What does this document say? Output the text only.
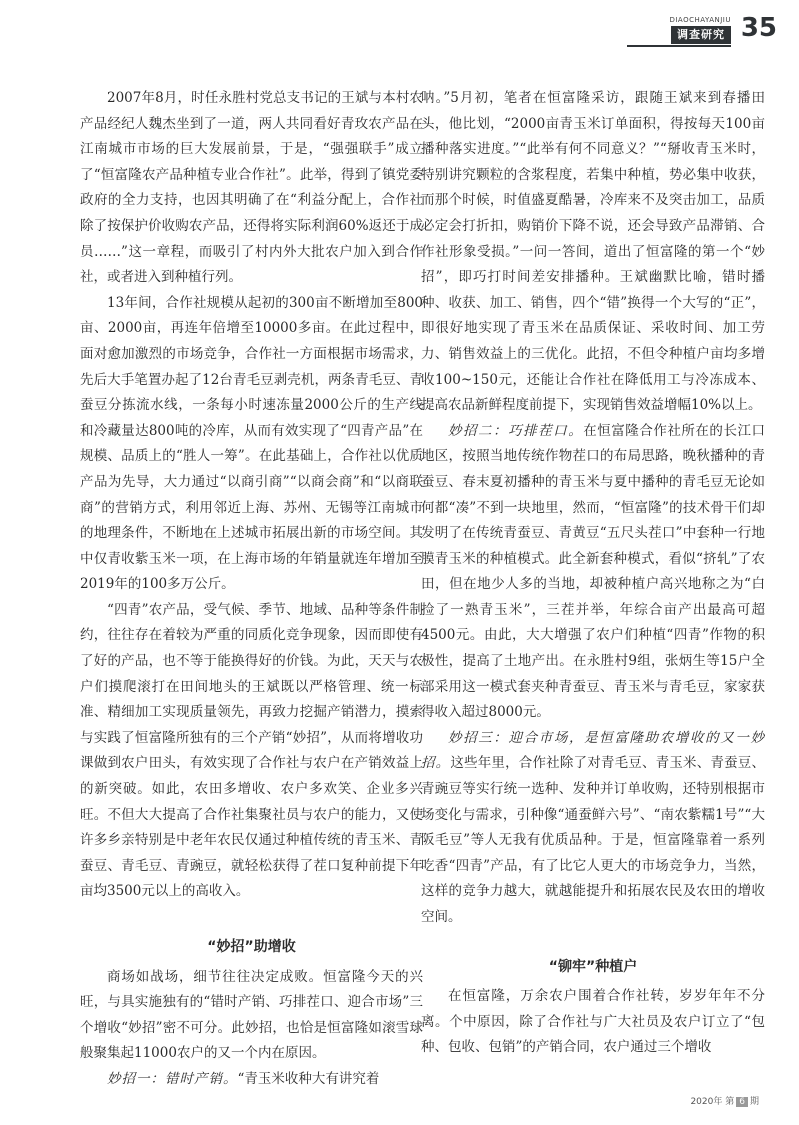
DIAOCHAYANJIU
调查研究 35

2007年8月，时任永胜村党总支书记的王斌与本村农产品经纪人魏杰坐到了一道，两人共同看好青玫农产品在江南城市市场的巨大发展前景，于是，“强强联手”成立了“恒富隆农产品种植专业合作社”。此举，得到了镇党委政府的全力支持，也因其明确了在“利益分配上，合作社除了按保护价收购农产品，还得将实际利润60%返还于成员……”这一章程，而吸引了村内外大批农户加入到合作社，或者进入到种植行列。

13年间，合作社规模从起初的300亩不断增加至800亩、2000亩，再连年倍增至10000多亩。在此过程中，面对愈加激烈的市场竞争，合作社一方面根据市场需求，先后大手笔置办起了12台青毛豆剥壳机，两条青毛豆、青蚕豆分拣流水线，一条每小时速冻量2000公斤的生产线和冷藏量达800吨的冷库，从而有效实现了“四青产品”在规模、品质上的“胜人一筹”。在此基础上，合作社以优质产品为先导，大力通过“以商引商”“以商会商”和“以商联商”的营销方式，利用邻近上海、苏州、无锡等江南城市的地理条件，不断地在上述城市拓展出新的市场空间。其中仅青收紫玉米一项，在上海市场的年销量就连年增加至2019年的100多万公斤。

“四青”农产品，受气候、季节、地域、品种等条件制约，往往存在着较为严重的同质化竞争现象，因而即使有了好的产品，也不等于能换得好的价钱。为此，天天与农户们摸爬滚打在田间地头的王斌既以严格管理、统一标准、精细加工实现质量领先，再致力挖掘产销潜力，摸索与实践了恒富隆所独有的三个产销“妙招”，从而将增收功课做到农户田头，有效实现了合作社与农户在产销效益上的新突破。如此，农田多增收、农户多欢笑、企业多兴旺。不但大大提高了合作社集聚社员与农户的能力，又使许多乡亲特别是中老年农民仅通过种植传统的青玉米、青蚕豆、青毛豆、青豌豆，就轻松获得了茬口复种前提下年亩均3500元以上的高收入。

“妙招”助增收

商场如战场，细节往往决定成败。恒富隆今天的兴旺，与具实施独有的“错时产销、巧排茬口、迎合市场”三个增收“妙招”密不可分。此妙招，也恰是恒富隆如滚雪球般聚集起11000农户的又一个内在原因。

妙招一：错时产销。“青玉米收种大有讲究着

呐。”5月初，笔者在恒富隆采访，跟随王斌来到春播田头，他比划，“2000亩青玉米订单面积，得按每天100亩播种落实进度。”“此举有何不同意义？”“掰收青玉米时，特别讲究颗粒的含浆程度，若集中种植，势必集中收获，而那个时候，时值盛夏酷暑，冷库来不及突击加工，品质必定会打折扣，购销价下降不说，还会导致产品滞销、合作社形象受损。”一问一答间，道出了恒富隆的第一个“妙招”，即巧打时间差安排播种。王斌幽默比喻，错时播种、收获、加工、销售，四个“错”换得一个大写的“正”，即很好地实现了青玉米在品质保证、采收时间、加工劳力、销售效益上的三优化。此招，不但令种植户亩均多增收100~150元，还能让合作社在降低用工与冷冻成本、提高农品新鲜程度前提下，实现销售效益增幅10%以上。

妙招二：巧排茬口。在恒富隆合作社所在的长江口地区，按照当地传统作物茬口的布局思路，晚秋播种的青蚕豆、春末夏初播种的青玉米与夏中播种的青毛豆无论如何都“凑”不到一块地里，然而，“恒富隆”的技术骨干们却发明了在传统青蚕豆、青黄豆“五尺头茬口”中套种一行地膜青玉米的种植模式。此全新套种模式，看似“挤轧”了农田，但在地少人多的当地，却被种植户高兴地称之为“白捡了一熟青玉米”，三茬并举，年综合亩产出最高可超4500元。由此，大大增强了农户们种植“四青”作物的积极性，提高了土地产出。在永胜村9组，张炳生等15户全部采用这一模式套夹种青蚕豆、青玉米与青毛豆，家家获得收入超过8000元。

妙招三：迎合市场，是恒富隆助农增收的又一妙招。这些年里，合作社除了对青毛豆、青玉米、青蚕豆、青豌豆等实行统一选种、发种并订单收购，还特别根据市场变化与需求，引种像“通蚕鲜六号”、“南农紫糯1号”“大阪毛豆”等人无我有优质品种。于是，恒富隆靠着一系列吃香“四青”产品，有了比它人更大的市场竞争力，当然，这样的竞争力越大，就越能提升和拓展农民及农田的增收空间。

“铆牢”种植户

在恒富隆，万余农户围着合作社转，岁岁年年不分离。个中原因，除了合作社与广大社员及农户订立了“包种、包收、包销”的产销合同，农户通过三个增收

2020年 第 6 期
